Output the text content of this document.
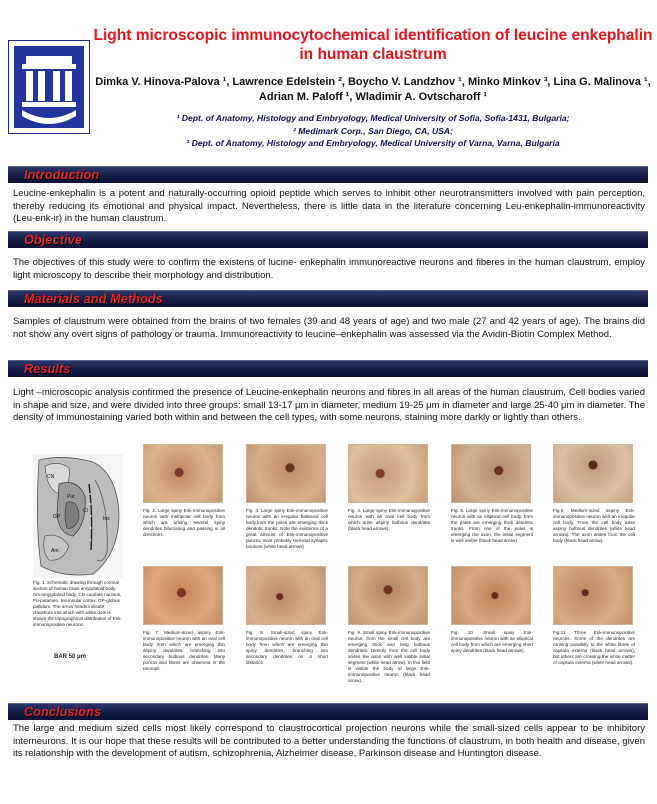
Light microscopic immunocytochemical identification of leucine enkephalin in human claustrum
Dimka V. Hinova-Palova ¹, Lawrence Edelstein ², Boycho V. Landzhov ¹, Minko Minkov ³, Lina G. Malinova ¹, Adrian M. Paloff ¹, Wladimir A. Ovtscharoff ¹
¹ Dept. of Anatomy, Histology and Embryology, Medical University of Sofia, Sofia-1431, Bulgaria;
² Medimark Corp., San Diego, CA, USA;
³ Dept. of Anatomy, Histology and Embryology, Medical University of Varna, Varna, Bulgaria
Introduction
Leucine-enkephalin is a potent and naturally-occurring opioid peptide which serves to inhibit other neurotransmitters involved with pain perception, thereby reducing its emotional and physical impact. Nevertheless, there is little data in the literature concerning Leu-enkephalin-immunoreactivity (Leu-enk-ir) in the human claustrum.
Objective
The objectives of this study were to confirm the existens of lucine- enkephalin immunoreactive neurons and fiberes in the human claustrum, employ light microscopy to describe their morphology and distribution.
Materials and Methods
Samples of claustrum were obtained from the brains of two females (39 and 48 years of age) and two male (27 and 42 years of age). The brains did not show any overt signs of pathology or trauma. Immunoreactivity to leucine–enkephalin was assessed via the Avidin-Biotin Complex Method.
Results
Light –microscopic analysis confirmed the presence of Leucine-enkephalin neurons and fibres in all areas of the human claustrum, Cell bodies varied in shape and size, and were divided into three groups: small 13-17 μm in diameter, medium 19-25 μm in diameter and large 25-40 μm in diameter. The density of immunostaining varied both within and between the cell types, with some neurons, staining more darkly or lightly than others.
CN
Put
GP
Am
Cl
Ins
Fig. 1. Schematic drawing through coronal section of human brain amygdaloid body. Am-amygdaloid body, CN-caudate nucleus, Pu-putamen, Ins-insular cortex, GP-globus pallidum. The arrow heads indicate claustrum into which with white dots is shown the topographical distribution of Enk-immunopositive neurons.
BAR 50 μm
Fig. 2. Large spiny Enk-immunopositive neuron with multipolar cell body from which are arising several spiny dendrites bifurcating and passing in all directions.
Fig. 3. Large spiny Enk-immunopositive neuron with an irregular flattened cell body,from the poles are emerging thick dendritic trunks. Note the existence of a great amount of Enk-immunopositive puncta, most probably terminal synaptic boutons (white head arrows)
Fig. 4. Large spiny Enk-immunopositive neuron with an oval cell body from which arise aspiny bulbous dendrites (black head arrows).
Fig. 5. Large spiny Enk-immunopositive neuron with an elliptical cell body, from the poles are emerging thick dendritic trunks. From one of the poles is emerging the axon, the initial segment is well visible (black head arrow).
Fig.6. Medium-sized aspiny Enk-immunopositive neuron with an irregular cell body. From the cell body arise aspiny bulbous dendrites (white head arrows). The axon arises from the cell body (black head arrow).
Fig. 7. Medium-sized aspiny Enk-immunopositive neuron with an oval cell body from which are emerging thin aspiny dendrites, branching into secondary bulbous dendrites. Many puncta and fibres are observed in the neuropil.
Fig. 8. Small-sized spiny Enk-immunopositive neuron with an oval cell body from which are emerging thin spiny dendrites, branching into secondary dendrites on a short distance.
Fig. 9. Small spiny Enk-immunopositive neuron, from the small cell body are emerging thick and long bulbous dendrites. Directly from the cell body arises the axon with well visible initial segment (white head arrow). In this field is visible the body of large Enk-immunopositive neuron (black head arrow).
Fig. 10. Small spiny Enk-immunopositive neuron with an elliptical cell body from which are emerging short spiny dendrites (black head arrows).
Fig.11. Three Enk-immunopositive neurons. Some of the dendrites are running parallelly to the white fibres of capsula externa (black head arrows), but others are crossing the white matter of capsula externa (white head arrows).
Conclusions
The large and medium sized cells most likely correspond to claustrocortical projection neurons while the small-sized cells appear to be inhibitory interneurons. It is our hope that these results will be contributed to a better understanding the functions of claustrum, in both health and disease, given its relationship with the development of autism, schizophrenia, Alzheimer disease, Parkinson disease and Huntington disease.
